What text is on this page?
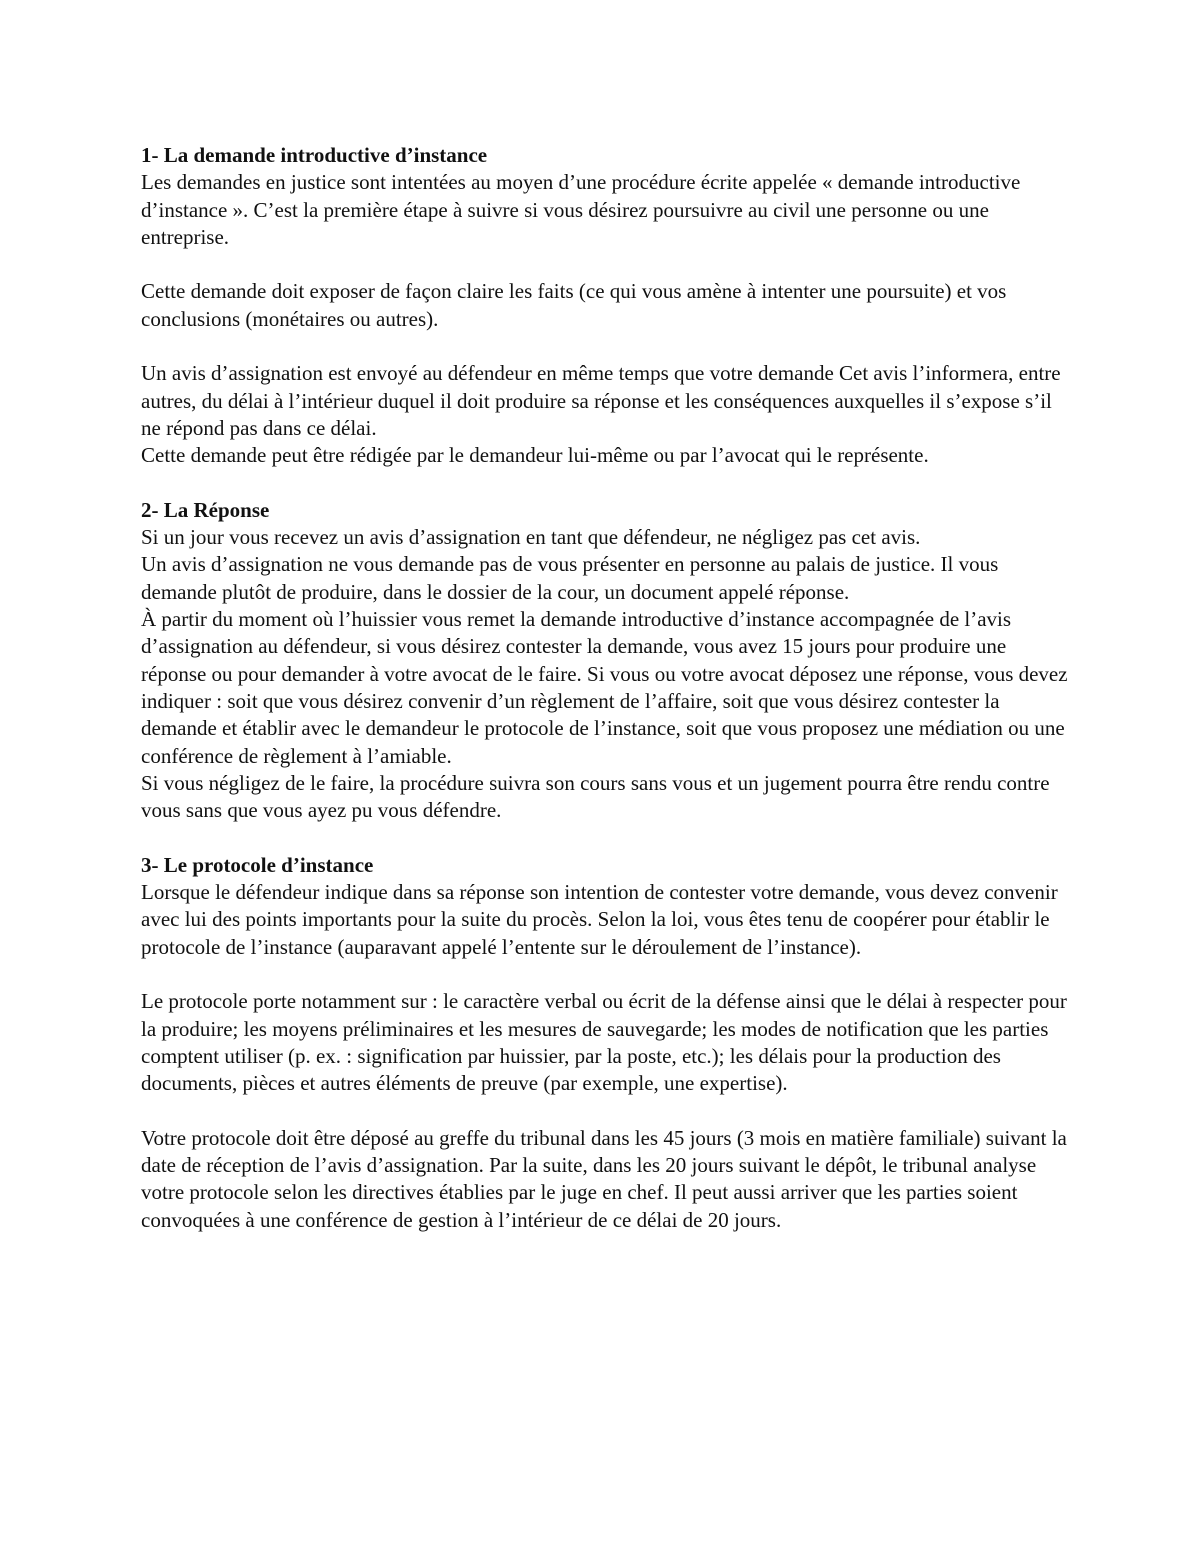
1- La demande introductive d’instance

Les demandes en justice sont intentées au moyen d’une procédure écrite appelée « demande introductive d’instance ». C’est la première étape à suivre si vous désirez poursuivre au civil une personne ou une entreprise.

Cette demande doit exposer de façon claire les faits (ce qui vous amène à intenter une poursuite) et vos conclusions (monétaires ou autres).

Un avis d’assignation est envoyé au défendeur en même temps que votre demande Cet avis l’informera, entre autres, du délai à l’intérieur duquel il doit produire sa réponse et les conséquences auxquelles il s’expose s’il ne répond pas dans ce délai.

Cette demande peut être rédigée par le demandeur lui-même ou par l’avocat qui le représente.

2- La Réponse

Si un jour vous recevez un avis d’assignation en tant que défendeur, ne négligez pas cet avis.

Un avis d’assignation ne vous demande pas de vous présenter en personne au palais de justice. Il vous demande plutôt de produire, dans le dossier de la cour, un document appelé réponse.

À partir du moment où l’huissier vous remet la demande introductive d’instance accompagnée de l’avis d’assignation au défendeur, si vous désirez contester la demande, vous avez 15 jours pour produire une réponse ou pour demander à votre avocat de le faire. Si vous ou votre avocat déposez une réponse, vous devez indiquer : soit que vous désirez convenir d’un règlement de l’affaire, soit que vous désirez contester la demande et établir avec le demandeur le protocole de l’instance, soit que vous proposez une médiation ou une conférence de règlement à l’amiable.

Si vous négligez de le faire, la procédure suivra son cours sans vous et un jugement pourra être rendu contre vous sans que vous ayez pu vous défendre.

3- Le protocole d’instance

Lorsque le défendeur indique dans sa réponse son intention de contester votre demande, vous devez convenir avec lui des points importants pour la suite du procès. Selon la loi, vous êtes tenu de coopérer pour établir le protocole de l’instance (auparavant appelé l’entente sur le déroulement de l’instance).

Le protocole porte notamment sur : le caractère verbal ou écrit de la défense ainsi que le délai à respecter pour la produire; les moyens préliminaires et les mesures de sauvegarde; les modes de notification que les parties comptent utiliser (p. ex. : signification par huissier, par la poste, etc.); les délais pour la production des documents, pièces et autres éléments de preuve (par exemple, une expertise).

Votre protocole doit être déposé au greffe du tribunal dans les 45 jours (3 mois en matière familiale) suivant la date de réception de l’avis d’assignation. Par la suite, dans les 20 jours suivant le dépôt, le tribunal analyse votre protocole selon les directives établies par le juge en chef. Il peut aussi arriver que les parties soient convoquées à une conférence de gestion à l’intérieur de ce délai de 20 jours.
